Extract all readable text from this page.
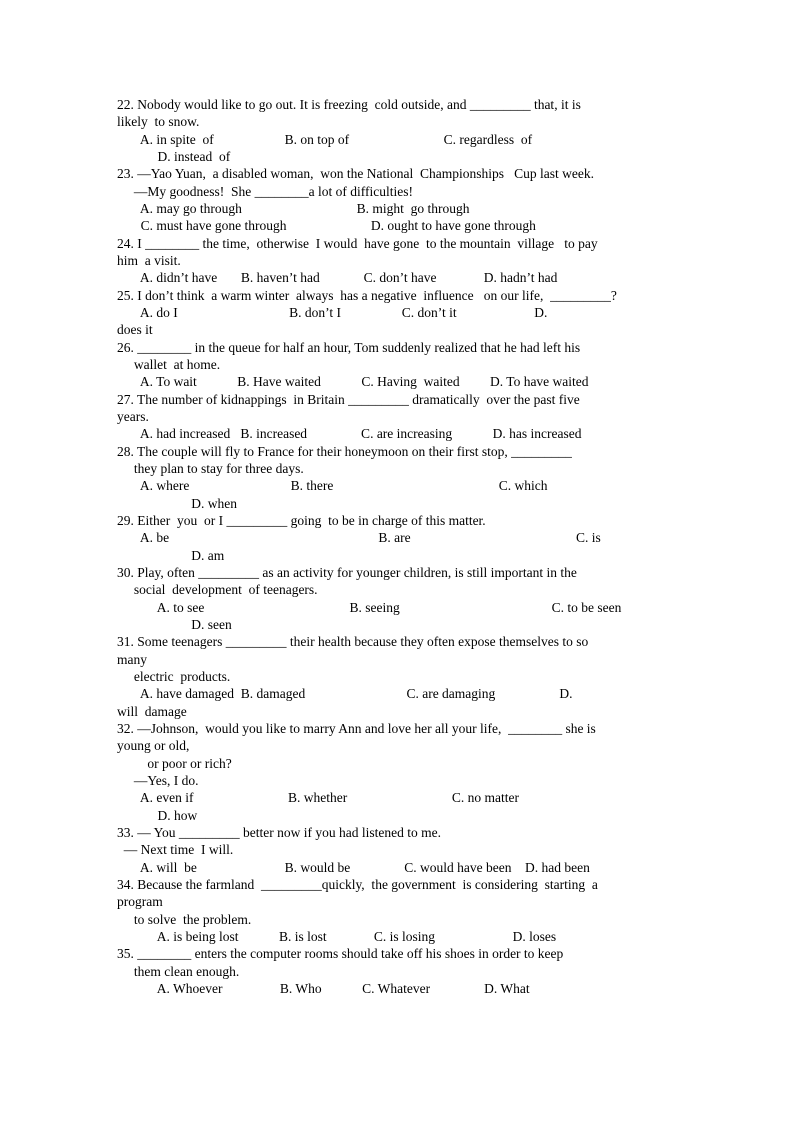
22. Nobody would like to go out. It is freezing  cold outside, and _________ that, it is
likely  to snow.
A. in spite  of                     B. on top of                            C. regardless  of
D. instead  of
23. —Yao Yuan,  a disabled woman,  won the National  Championships   Cup last week.
—My goodness!  She ________a lot of difficulties!
A. may go through                                  B. might  go through
C. must have gone through                         D. ought to have gone through
24. I ________ the time,  otherwise  I would  have gone  to the mountain  village   to pay
him  a visit.
A. didn’t have       B. haven’t had             C. don’t have              D. hadn’t had
25. I don’t think  a warm winter  always  has a negative  influence   on our life,  _________?
A. do I                                 B. don’t I                  C. don’t it                       D.
does it
26. ________ in the queue for half an hour, Tom suddenly realized that he had left his
wallet  at home.
A. To wait            B. Have waited            C. Having  waited         D. To have waited
27. The number of kidnappings  in Britain _________ dramatically  over the past five
years.
A. had increased   B. increased                C. are increasing            D. has increased
28. The couple will fly to France for their honeymoon on their first stop, _________
they plan to stay for three days.
A. where                              B. there                                                 C. which
D. when
29. Either  you  or I _________ going  to be in charge of this matter.
A. be                                                              B. are                                                 C. is
D. am
30. Play, often _________ as an activity for younger children, is still important in the
social  development  of teenagers.
A. to see                                           B. seeing                                             C. to be seen
D. seen
31. Some teenagers _________ their health because they often expose themselves to so
many
electric  products.
A. have damaged  B. damaged                              C. are damaging                   D.
will  damage
32. —Johnson,  would you like to marry Ann and love her all your life,  ________ she is
young or old,
or poor or rich?
—Yes, I do.
A. even if                            B. whether                               C. no matter
D. how
33. — You _________ better now if you had listened to me.
— Next time  I will.
A. will  be                          B. would be                C. would have been    D. had been
34. Because the farmland  _________quickly,  the government  is considering  starting  a
program
to solve  the problem.
A. is being lost            B. is lost              C. is losing                       D. loses
35. ________ enters the computer rooms should take off his shoes in order to keep
them clean enough.
A. Whoever                 B. Who            C. Whatever                D. What
